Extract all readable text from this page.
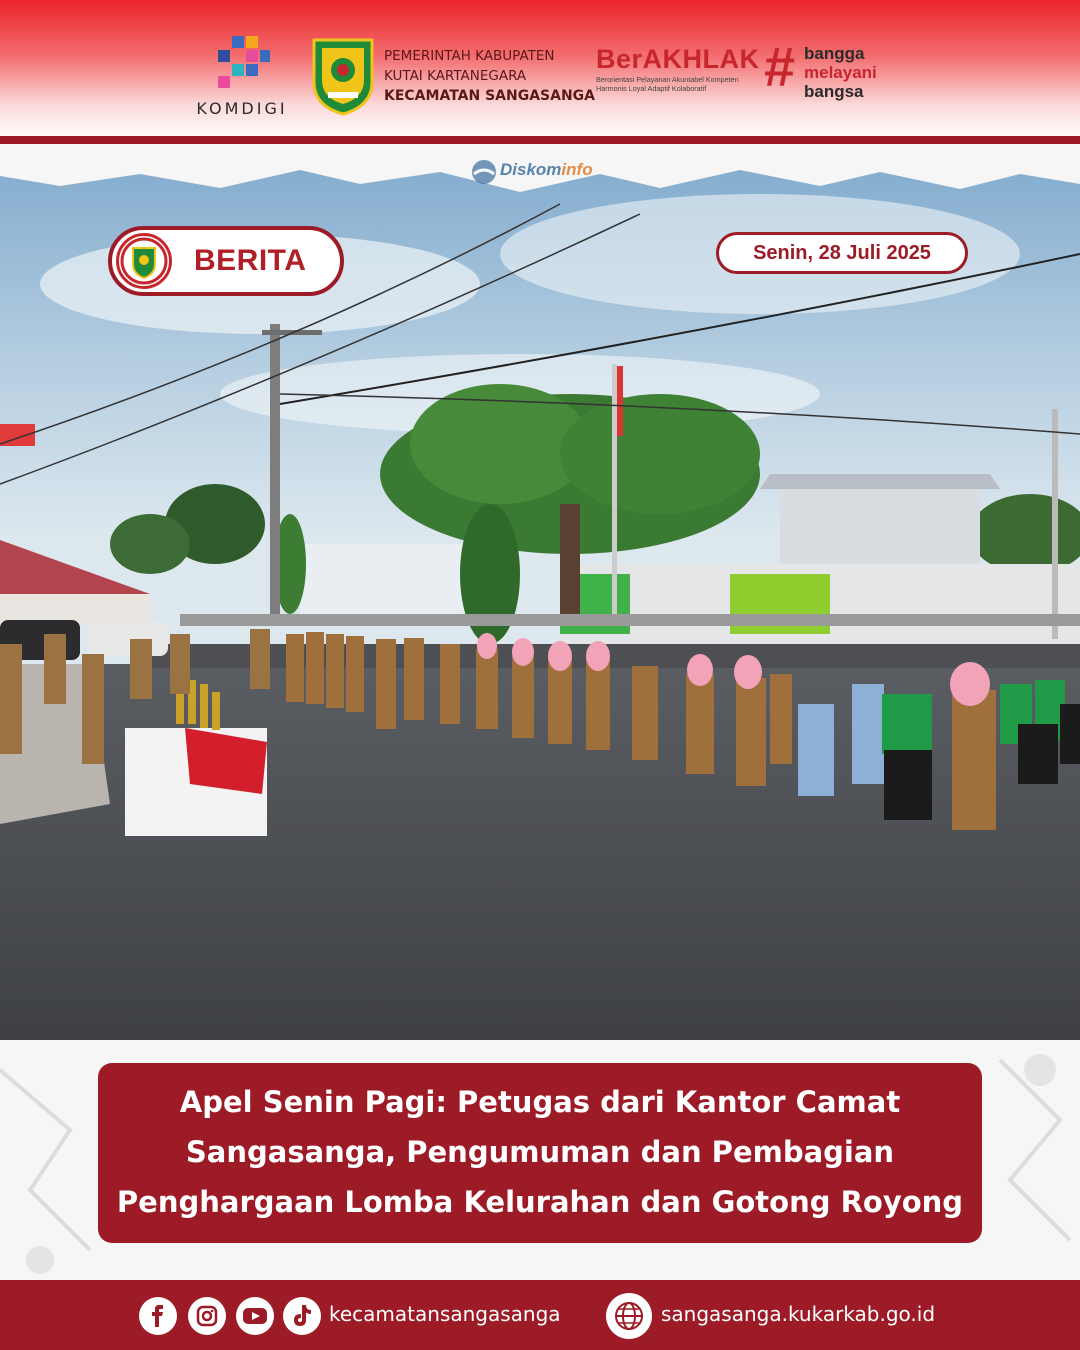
KOMDIGI
PEMERINTAH KABUPATEN
KUTAI KARTANEGARA
KECAMATAN SANGASANGA
BerAKHLAK
Berorientasi Pelayanan Akuntabel Kompeten
Harmonis Loyal Adaptif Kolaboratif	# bangga
melayani
bangsa
Diskominfo
BERITA	Senin, 28 Juli 2025
Apel Senin Pagi: Petugas dari Kantor Camat
Sangasanga, Pengumuman dan Pembagian
Penghargaan Lomba Kelurahan dan Gotong Royong
kecamatansangasanga	sangasanga.kukarkab.go.id
